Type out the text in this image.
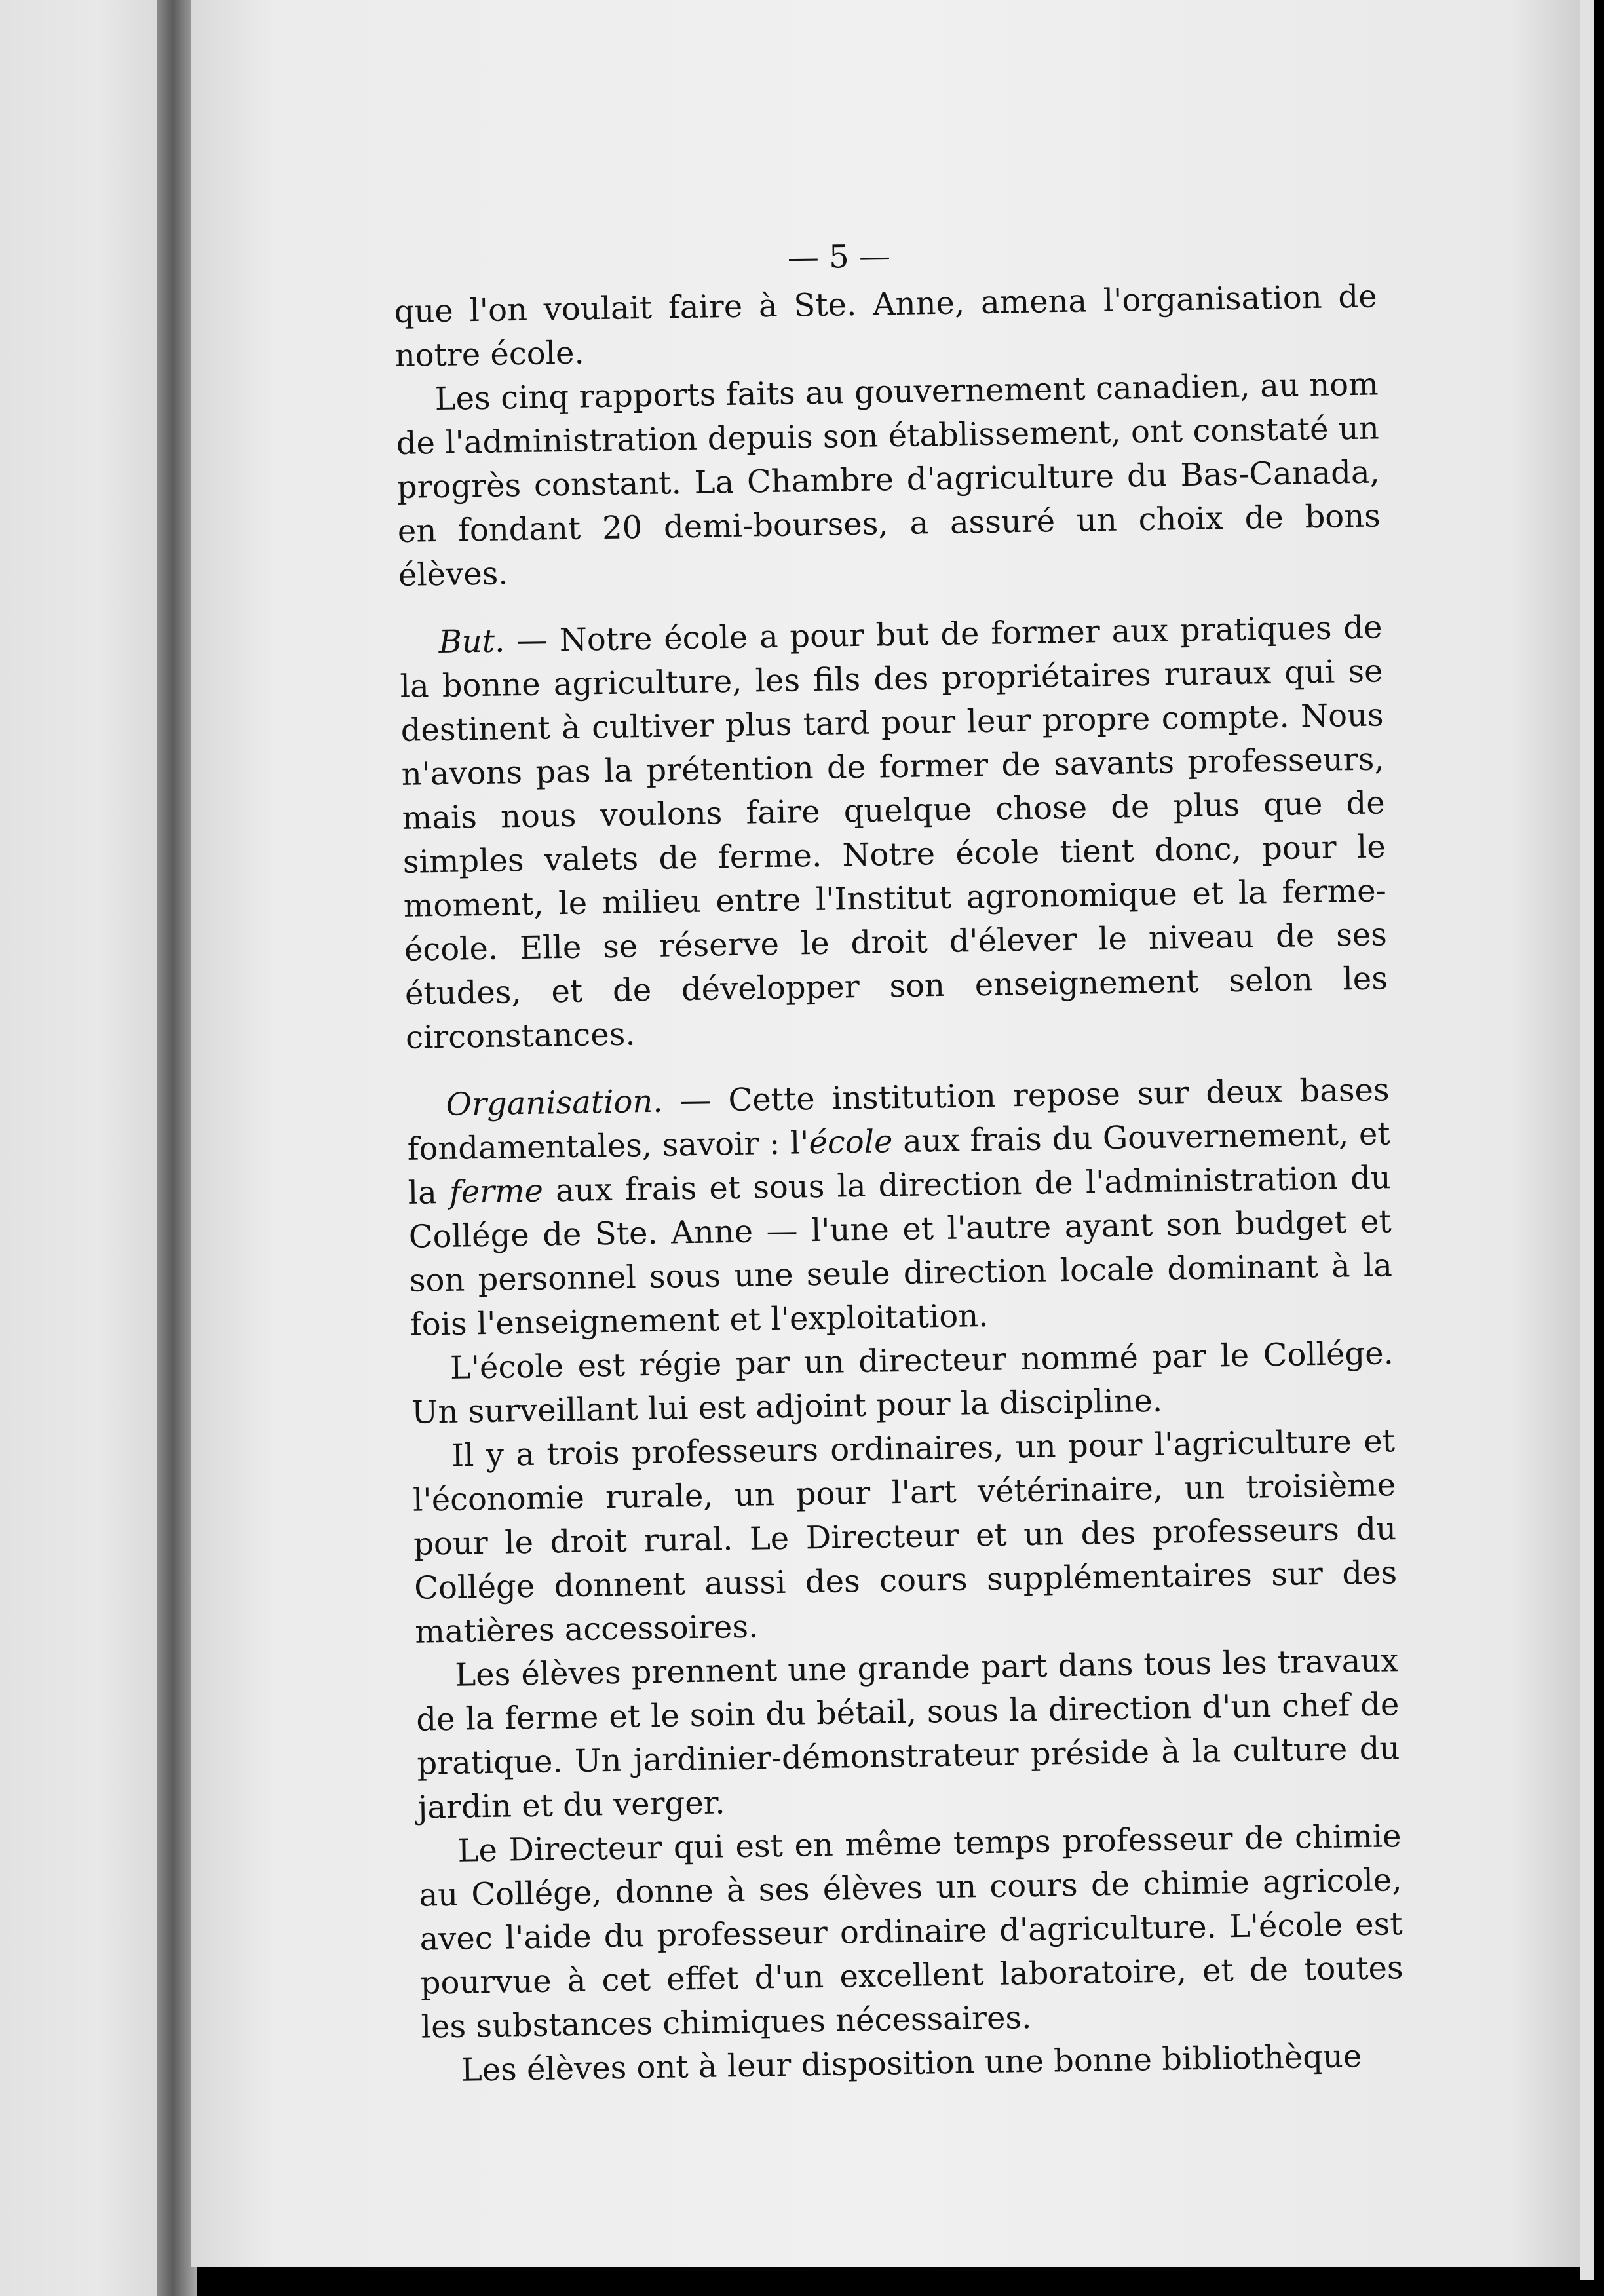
— 5 —

que l'on voulait faire à Ste. Anne, amena l'organisation de notre école.

Les cinq rapports faits au gouvernement canadien, au nom de l'administration depuis son établissement, ont constaté un progrès constant. La Chambre d'agriculture du Bas-Canada, en fondant 20 demi-bourses, a assuré un choix de bons élèves.

But. — Notre école a pour but de former aux pratiques de la bonne agriculture, les fils des propriétaires ruraux qui se destinent à cultiver plus tard pour leur propre compte. Nous n'avons pas la prétention de former de savants professeurs, mais nous voulons faire quelque chose de plus que de simples valets de ferme. Notre école tient donc, pour le moment, le milieu entre l'Institut agronomique et la ferme-école. Elle se réserve le droit d'élever le niveau de ses études, et de développer son enseignement selon les circonstances.

Organisation. — Cette institution repose sur deux bases fondamentales, savoir : l'école aux frais du Gouvernement, et la ferme aux frais et sous la direction de l'administration du Collége de Ste. Anne — l'une et l'autre ayant son budget et son personnel sous une seule direction locale dominant à la fois l'enseignement et l'exploitation.

L'école est régie par un directeur nommé par le Collége. Un surveillant lui est adjoint pour la discipline.

Il y a trois professeurs ordinaires, un pour l'agriculture et l'économie rurale, un pour l'art vétérinaire, un troisième pour le droit rural. Le Directeur et un des professeurs du Collége donnent aussi des cours supplémentaires sur des matières accessoires.

Les élèves prennent une grande part dans tous les travaux de la ferme et le soin du bétail, sous la direction d'un chef de pratique. Un jardinier-démonstrateur préside à la culture du jardin et du verger.

Le Directeur qui est en même temps professeur de chimie au Collége, donne à ses élèves un cours de chimie agricole, avec l'aide du professeur ordinaire d'agriculture. L'école est pourvue à cet effet d'un excellent laboratoire, et de toutes les substances chimiques nécessaires.

Les élèves ont à leur disposition une bonne bibliothèque
